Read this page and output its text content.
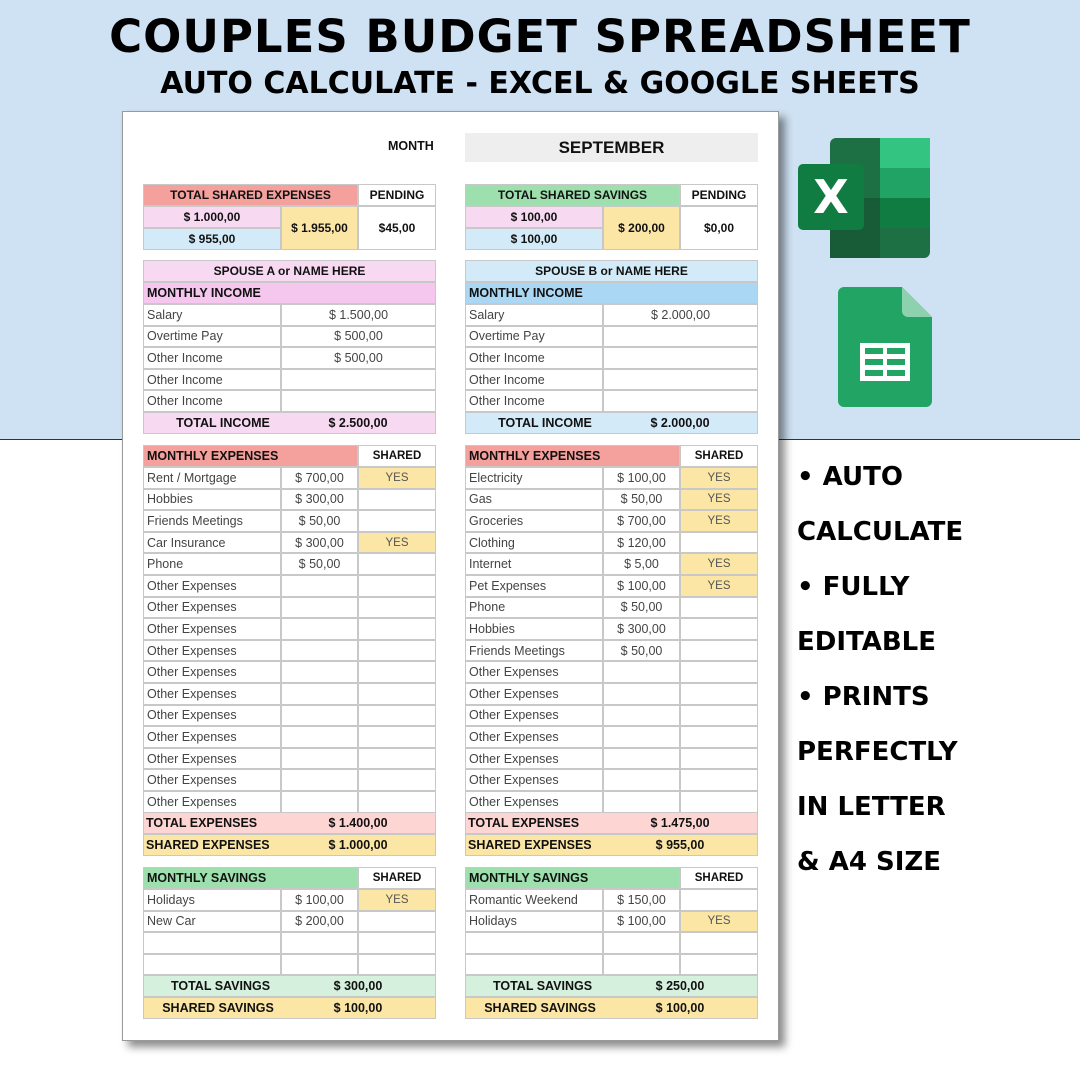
COUPLES BUDGET SPREADSHEET
AUTO CALCULATE - EXCEL & GOOGLE SHEETS
MONTH	SEPTEMBER
TOTAL SHARED EXPENSES	PENDING
$ 1.000,00
$ 955,00
$ 1.955,00	$45,00
TOTAL SHARED SAVINGS	PENDING
$ 100,00
$ 100,00
$ 200,00	$0,00
SPOUSE A or NAME HERE
MONTHLY INCOME
Salary	$ 1.500,00
Overtime Pay	$ 500,00
Other Income	$ 500,00
Other Income
Other Income
TOTAL INCOME	$ 2.500,00
MONTHLY EXPENSES	SHARED
Rent / Mortgage	$ 700,00	YES
Hobbies	$ 300,00
Friends Meetings	$ 50,00
Car Insurance	$ 300,00	YES
Phone	$ 50,00
Other Expenses
Other Expenses
Other Expenses
Other Expenses
Other Expenses
Other Expenses
Other Expenses
Other Expenses
Other Expenses
Other Expenses
Other Expenses
TOTAL EXPENSES	$ 1.400,00
SHARED EXPENSES	$ 1.000,00
MONTHLY SAVINGS	SHARED
Holidays	$ 100,00	YES
New Car	$ 200,00
TOTAL SAVINGS	$ 300,00
SHARED SAVINGS	$ 100,00
SPOUSE B or NAME HERE
MONTHLY INCOME
Salary	$ 2.000,00
Overtime Pay
Other Income
Other Income
Other Income
TOTAL INCOME	$ 2.000,00
MONTHLY EXPENSES	SHARED
Electricity	$ 100,00	YES
Gas	$ 50,00	YES
Groceries	$ 700,00	YES
Clothing	$ 120,00
Internet	$ 5,00	YES
Pet Expenses	$ 100,00	YES
Phone	$ 50,00
Hobbies	$ 300,00
Friends Meetings	$ 50,00
Other Expenses
Other Expenses
Other Expenses
Other Expenses
Other Expenses
Other Expenses
Other Expenses
TOTAL EXPENSES	$ 1.475,00
SHARED EXPENSES	$ 955,00
MONTHLY SAVINGS	SHARED
Romantic Weekend	$ 150,00
Holidays	$ 100,00	YES
TOTAL SAVINGS	$ 250,00
SHARED SAVINGS	$ 100,00
X
• AUTO
CALCULATE
• FULLY
EDITABLE
• PRINTS
PERFECTLY
IN LETTER
& A4 SIZE
